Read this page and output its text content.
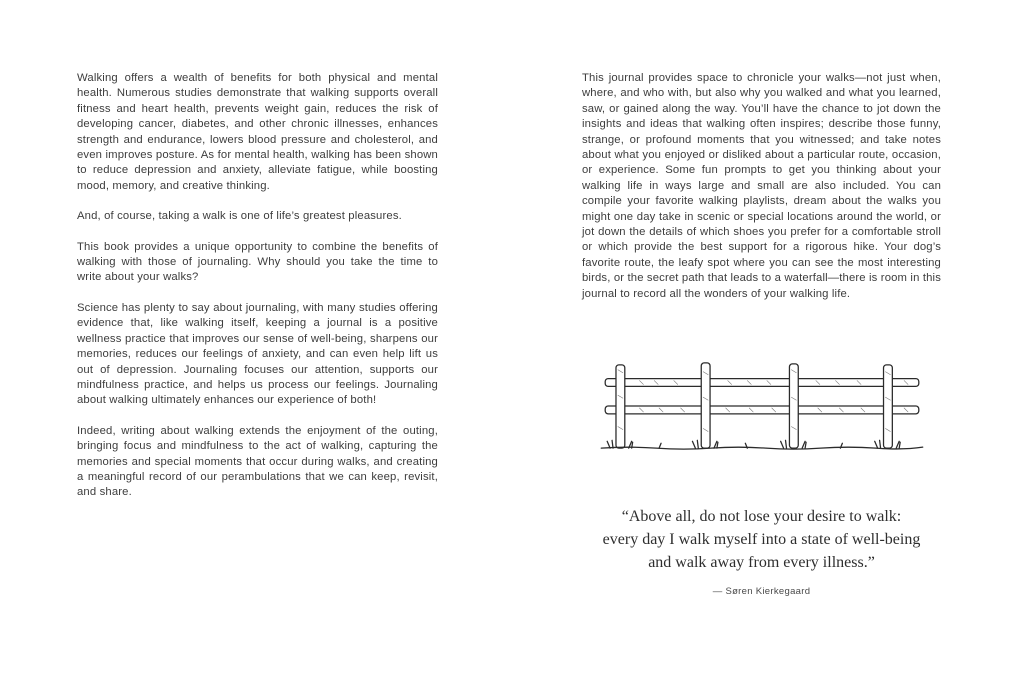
Walking offers a wealth of benefits for both physical and mental health. Numerous studies demonstrate that walking supports overall fitness and heart health, prevents weight gain, reduces the risk of developing cancer, diabetes, and other chronic illnesses, enhances strength and endurance, lowers blood pressure and cholesterol, and even improves posture. As for mental health, walking has been shown to reduce depression and anxiety, alleviate fatigue, while boosting mood, memory, and creative thinking.

And, of course, taking a walk is one of life’s greatest pleasures.

This book provides a unique opportunity to combine the benefits of walking with those of journaling. Why should you take the time to write about your walks?

Science has plenty to say about journaling, with many studies offering evidence that, like walking itself, keeping a journal is a positive wellness practice that improves our sense of well-being, sharpens our memories, reduces our feelings of anxiety, and can even help lift us out of depression. Journaling focuses our attention, supports our mindfulness practice, and helps us process our feelings. Journaling about walking ultimately enhances our experience of both!

Indeed, writing about walking extends the enjoyment of the outing, bringing focus and mindfulness to the act of walking, capturing the memories and special moments that occur during walks, and creating a meaningful record of our perambulations that we can keep, revisit, and share.

This journal provides space to chronicle your walks—not just when, where, and who with, but also why you walked and what you learned, saw, or gained along the way. You’ll have the chance to jot down the insights and ideas that walking often inspires; describe those funny, strange, or profound moments that you witnessed; and take notes about what you enjoyed or disliked about a particular route, occasion, or experience. Some fun prompts to get you thinking about your walking life in ways large and small are also included. You can compile your favorite walking playlists, dream about the walks you might one day take in scenic or special locations around the world, or jot down the details of which shoes you prefer for a comfortable stroll or which provide the best support for a rigorous hike. Your dog’s favorite route, the leafy spot where you can see the most interesting birds, or the secret path that leads to a waterfall—there is room in this journal to record all the wonders of your walking life.

“Above all, do not lose your desire to walk:
every day I walk myself into a state of well-being
and walk away from every illness.”
— Søren Kierkegaard
